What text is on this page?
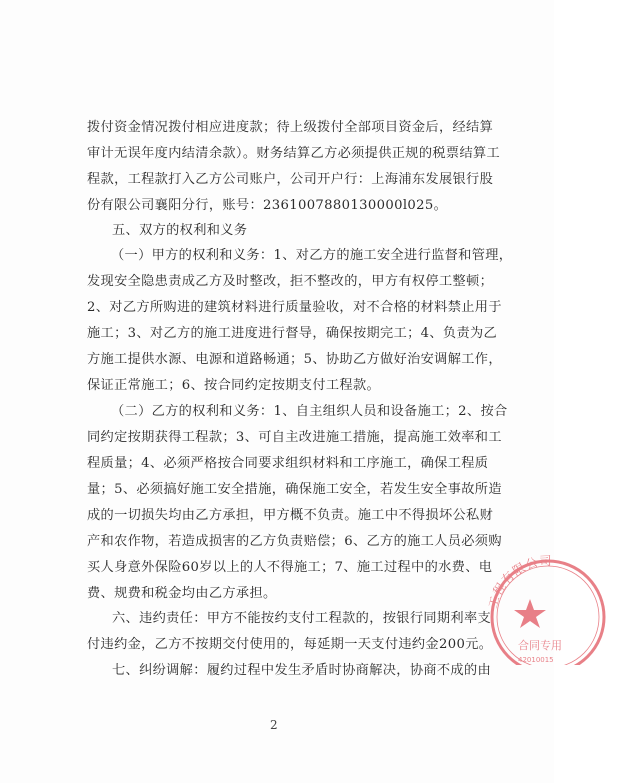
拨付资金情况拨付相应进度款；待上级拨付全部项目资金后，经结算
审计无误年度内结清余款）。财务结算乙方必须提供正规的税票结算工
程款，工程款打入乙方公司账户，公司开户行：上海浦东发展银行股
份有限公司襄阳分行，账号：2361007880130000l025。
五、双方的权利和义务
（一）甲方的权利和义务：1、对乙方的施工安全进行监督和管理，
发现安全隐患责成乙方及时整改，拒不整改的，甲方有权停工整顿；
2、对乙方所购进的建筑材料进行质量验收，对不合格的材料禁止用于
施工；3、对乙方的施工进度进行督导，确保按期完工；4、负责为乙
方施工提供水源、电源和道路畅通；5、协助乙方做好治安调解工作，
保证正常施工；6、按合同约定按期支付工程款。
（二）乙方的权利和义务：1、自主组织人员和设备施工；2、按合
同约定按期获得工程款；3、可自主改进施工措施，提高施工效率和工
程质量；4、必须严格按合同要求组织材料和工序施工，确保工程质
量；5、必须搞好施工安全措施，确保施工安全，若发生安全事故所造
成的一切损失均由乙方承担，甲方概不负责。施工中不得损坏公私财
产和农作物，若造成损害的乙方负责赔偿；6、乙方的施工人员必须购
买人身意外保险60岁以上的人不得施工；7、施工过程中的水费、电
费、规费和税金均由乙方承担。
六、违约责任：甲方不能按约支付工程款的，按银行同期利率支
付违约金，乙方不按期交付使用的，每延期一天支付违约金200元。
七、纠纷调解：履约过程中发生矛盾时协商解决，协商不成的由
2
工程有限公司
合同专用
42010015
